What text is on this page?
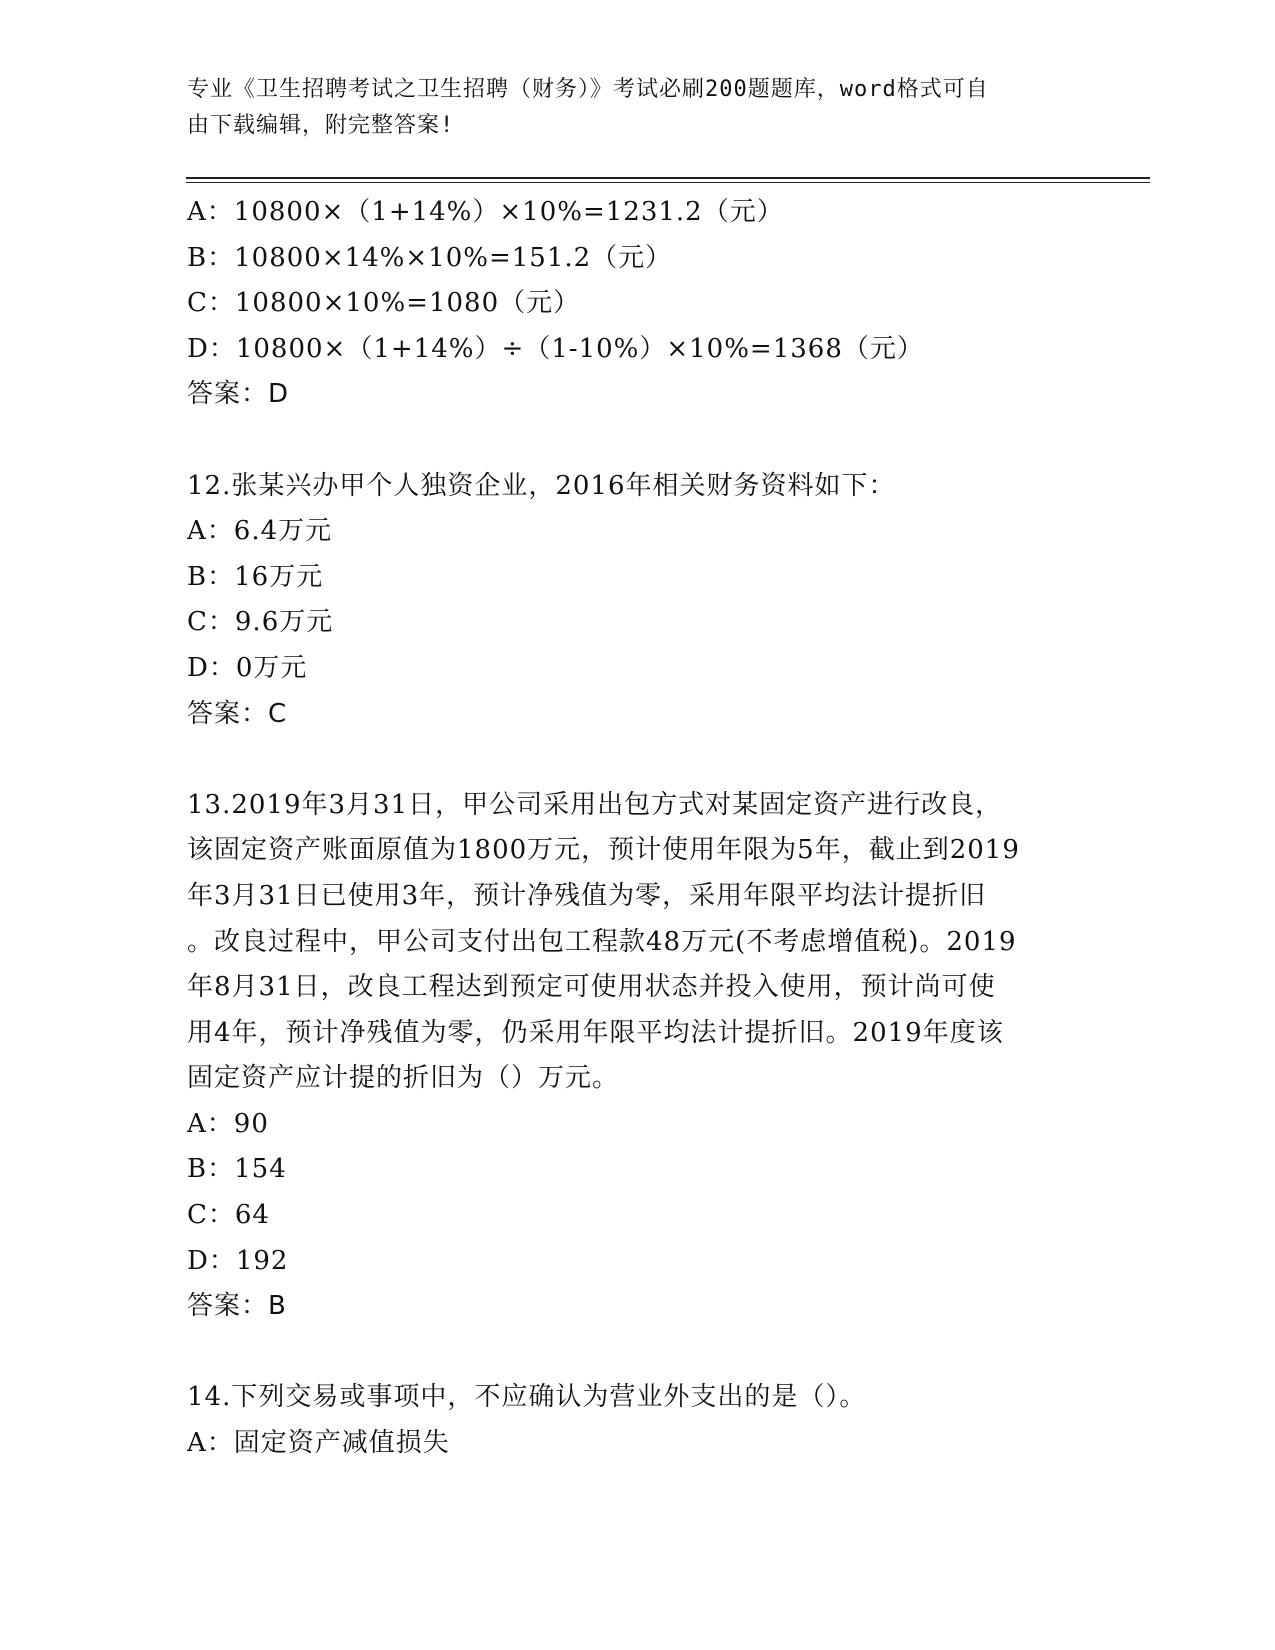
专业《卫生招聘考试之卫生招聘（财务）》考试必刷200题题库，word格式可自
由下载编辑，附完整答案!
A：10800×（1+14%）×10%=1231.2（元）
B：10800×14%×10%=151.2（元）
C：10800×10%=1080（元）
D：10800×（1+14%）÷（1-10%）×10%=1368（元）
答案：D
12.张某兴办甲个人独资企业，2016年相关财务资料如下：
A：6.4万元
B：16万元
C：9.6万元
D：0万元
答案：C
13.2019年3月31日，甲公司采用出包方式对某固定资产进行改良，
该固定资产账面原值为1800万元，预计使用年限为5年，截止到2019
年3月31日已使用3年，预计净残值为零，采用年限平均法计提折旧
。改良过程中，甲公司支付出包工程款48万元(不考虑增值税)。2019
年8月31日，改良工程达到预定可使用状态并投入使用，预计尚可使
用4年，预计净残值为零，仍采用年限平均法计提折旧。2019年度该
固定资产应计提的折旧为（）万元。
A：90
B：154
C：64
D：192
答案：B
14.下列交易或事项中，不应确认为营业外支出的是（）。
A：固定资产减值损失
